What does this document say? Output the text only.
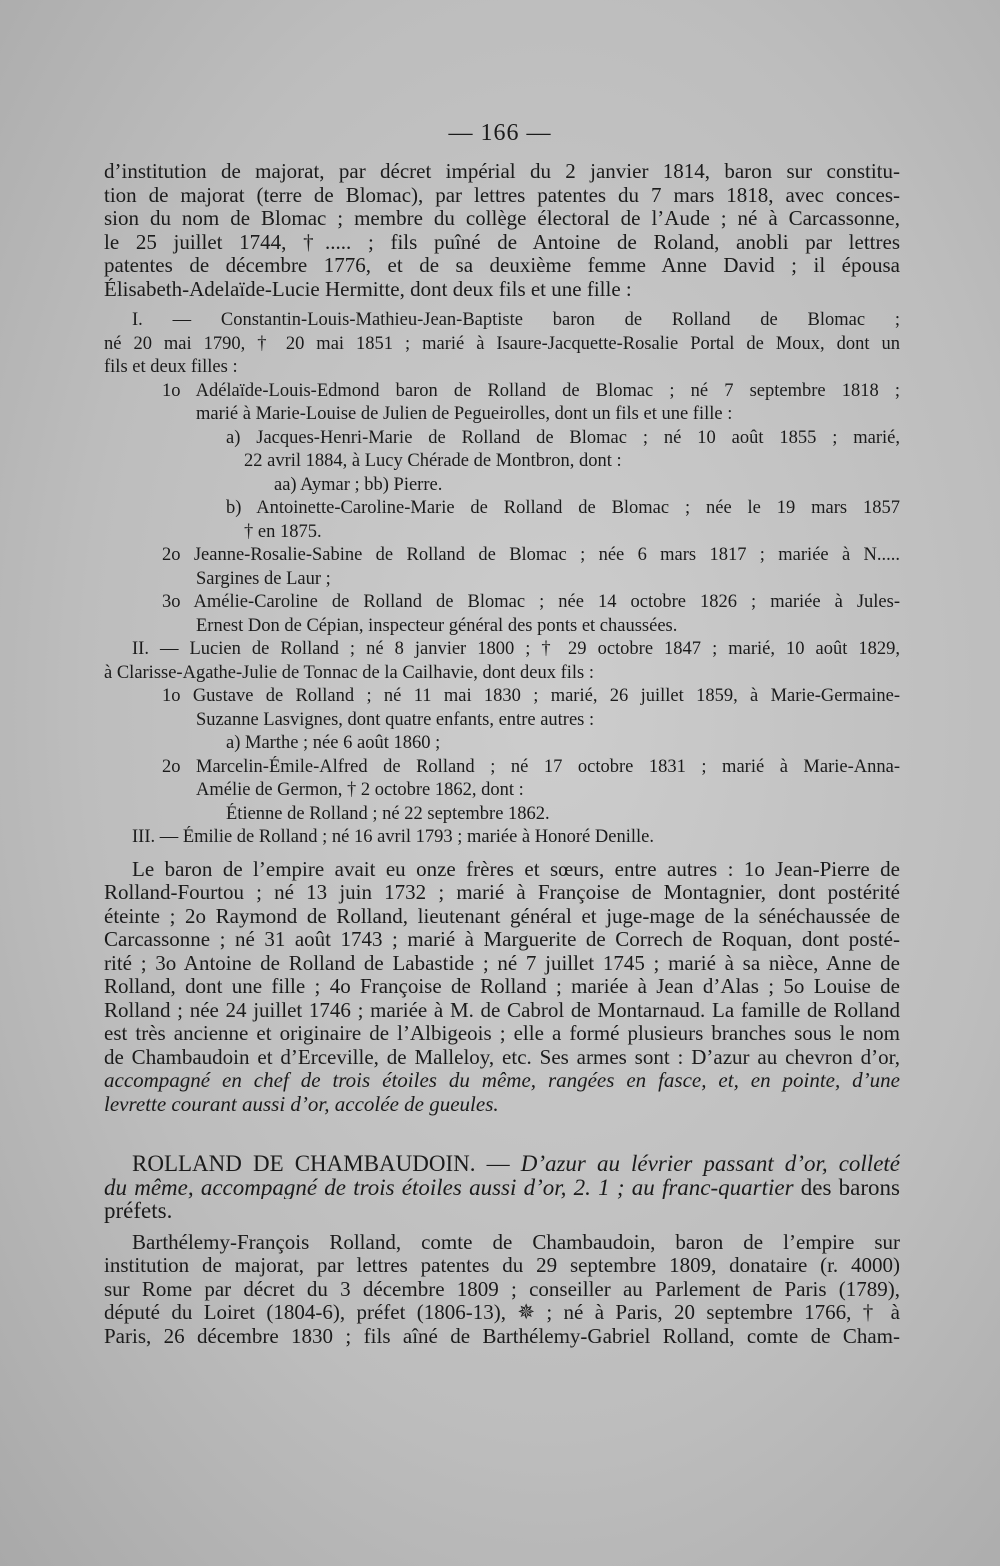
— 166 —
d’institution de majorat, par décret impérial du 2 janvier 1814, baron sur constitu-
tion de majorat (terre de Blomac), par lettres patentes du 7 mars 1818, avec conces-
sion du nom de Blomac ; membre du collège électoral de l’Aude ; né à Carcassonne,
le 25 juillet 1744, †..... ; fils puîné de Antoine de Roland, anobli par lettres
patentes de décembre 1776, et de sa deuxième femme Anne David ; il épousa
Élisabeth-Adelaïde-Lucie Hermitte, dont deux fils et une fille :
I. — Constantin-Louis-Mathieu-Jean-Baptiste baron de Rolland de Blomac ;
né 20 mai 1790, † 20 mai 1851 ; marié à Isaure-Jacquette-Rosalie Portal de Moux, dont un
fils et deux filles :
1o Adélaïde-Louis-Edmond baron de Rolland de Blomac ; né 7 septembre 1818 ;
marié à Marie-Louise de Julien de Pegueirolles, dont un fils et une fille :
a) Jacques-Henri-Marie de Rolland de Blomac ; né 10 août 1855 ; marié,
22 avril 1884, à Lucy Chérade de Montbron, dont :
aa) Aymar ; bb) Pierre.
b) Antoinette-Caroline-Marie de Rolland de Blomac ; née le 19 mars 1857
† en 1875.
2o Jeanne-Rosalie-Sabine de Rolland de Blomac ; née 6 mars 1817 ; mariée à N.....
Sargines de Laur ;
3o Amélie-Caroline de Rolland de Blomac ; née 14 octobre 1826 ; mariée à Jules-
Ernest Don de Cépian, inspecteur général des ponts et chaussées.
II. — Lucien de Rolland ; né 8 janvier 1800 ; † 29 octobre 1847 ; marié, 10 août 1829,
à Clarisse-Agathe-Julie de Tonnac de la Cailhavie, dont deux fils :
1o Gustave de Rolland ; né 11 mai 1830 ; marié, 26 juillet 1859, à Marie-Germaine-
Suzanne Lasvignes, dont quatre enfants, entre autres :
a) Marthe ; née 6 août 1860 ;
2o Marcelin-Émile-Alfred de Rolland ; né 17 octobre 1831 ; marié à Marie-Anna-
Amélie de Germon, † 2 octobre 1862, dont :
Étienne de Rolland ; né 22 septembre 1862.
III. — Émilie de Rolland ; né 16 avril 1793 ; mariée à Honoré Denille.
Le baron de l’empire avait eu onze frères et sœurs, entre autres : 1o Jean-Pierre de
Rolland-Fourtou ; né 13 juin 1732 ; marié à Françoise de Montagnier, dont postérité
éteinte ; 2o Raymond de Rolland, lieutenant général et juge-mage de la sénéchaussée de
Carcassonne ; né 31 août 1743 ; marié à Marguerite de Correch de Roquan, dont posté-
rité ; 3o Antoine de Rolland de Labastide ; né 7 juillet 1745 ; marié à sa nièce, Anne de
Rolland, dont une fille ; 4o Françoise de Rolland ; mariée à Jean d’Alas ; 5o Louise de
Rolland ; née 24 juillet 1746 ; mariée à M. de Cabrol de Montarnaud. La famille de Rolland
est très ancienne et originaire de l’Albigeois ; elle a formé plusieurs branches sous le nom
de Chambaudoin et d’Erceville, de Malleloy, etc. Ses armes sont : D’azur au chevron d’or,
accompagné en chef de trois étoiles du même, rangées en fasce, et, en pointe, d’une
levrette courant aussi d’or, accolée de gueules.
ROLLAND DE CHAMBAUDOIN. — D’azur au lévrier passant d’or, colleté
du même, accompagné de trois étoiles aussi d’or, 2. 1 ; au franc-quartier des barons
préfets.
Barthélemy-François Rolland, comte de Chambaudoin, baron de l’empire sur
institution de majorat, par lettres patentes du 29 septembre 1809, donataire (r. 4000)
sur Rome par décret du 3 décembre 1809 ; conseiller au Parlement de Paris (1789),
député du Loiret (1804-6), préfet (1806-13), ✵ ; né à Paris, 20 septembre 1766, † à
Paris, 26 décembre 1830 ; fils aîné de Barthélemy-Gabriel Rolland, comte de Cham-
